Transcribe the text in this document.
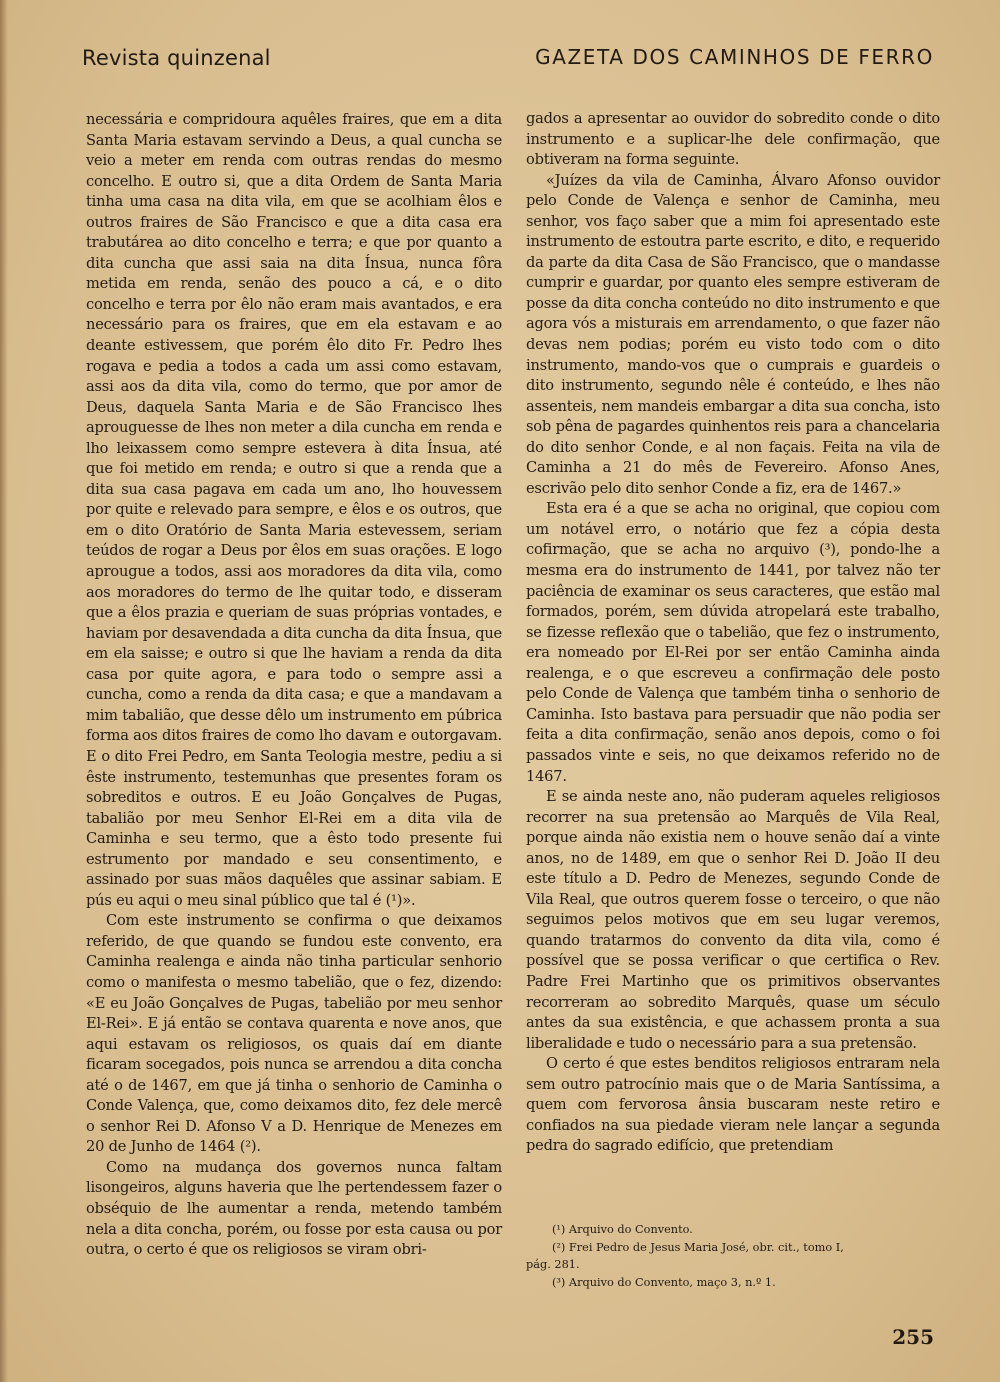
Revista quinzenal	GAZETA DOS CAMINHOS DE FERRO

necessária e compridoura aquêles fraires, que em a dita Santa Maria estavam servindo a Deus, a qual cuncha se veio a meter em renda com outras rendas do mesmo concelho. E outro si, que a dita Ordem de Santa Maria tinha uma casa na dita vila, em que se acolhiam êlos e outros fraires de São Francisco e que a dita casa era trabutárea ao dito concelho e terra; e que por quanto a dita cuncha que assi saia na dita Ínsua, nunca fôra metida em renda, senão des pouco a cá, e o dito concelho e terra por êlo não eram mais avantados, e era necessário para os fraires, que em ela estavam e ao deante estivessem, que porém êlo dito Fr. Pedro lhes rogava e pedia a todos a cada um assi como estavam, assi aos da dita vila, como do termo, que por amor de Deus, daquela Santa Maria e de São Francisco lhes aprouguesse de lhes non meter a dila cuncha em renda e lho leixassem como sempre estevera à dita Ínsua, até que foi metido em renda; e outro si que a renda que a dita sua casa pagava em cada um ano, lho houvessem por quite e relevado para sempre, e êlos e os outros, que em o dito Oratório de Santa Maria estevessem, seriam teúdos de rogar a Deus por êlos em suas orações. E logo aprougue a todos, assi aos moradores da dita vila, como aos moradores do termo de lhe quitar todo, e disseram que a êlos prazia e queriam de suas próprias vontades, e haviam por desavendada a dita cuncha da dita Ínsua, que em ela saisse; e outro si que lhe haviam a renda da dita casa por quite agora, e para todo o sempre assi a cuncha, como a renda da dita casa; e que a mandavam a mim tabalião, que desse dêlo um instrumento em púbrica forma aos ditos fraires de como lho davam e outorgavam. E o dito Frei Pedro, em Santa Teologia mestre, pediu a si êste instrumento, testemunhas que presentes foram os sobreditos e outros. E eu João Gonçalves de Pugas, tabalião por meu Senhor El-Rei em a dita vila de Caminha e seu termo, que a êsto todo presente fui estrumento por mandado e seu consentimento, e assinado por suas mãos daquêles que assinar sabiam. E pús eu aqui o meu sinal público que tal é (¹)».

Com este instrumento se confirma o que deixamos referido, de que quando se fundou este convento, era Caminha realenga e ainda não tinha particular senhorio como o manifesta o mesmo tabelião, que o fez, dizendo: «E eu João Gonçalves de Pugas, tabelião por meu senhor El-Rei». E já então se contava quarenta e nove anos, que aqui estavam os religiosos, os quais daí em diante ficaram socegados, pois nunca se arrendou a dita concha até o de 1467, em que já tinha o senhorio de Caminha o Conde Valença, que, como deixamos dito, fez dele mercê o senhor Rei D. Afonso V a D. Henrique de Menezes em 20 de Junho de 1464 (²).

Como na mudança dos governos nunca faltam lisongeiros, alguns haveria que lhe pertendessem fazer o obséquio de lhe aumentar a renda, metendo também nela a dita concha, porém, ou fosse por esta causa ou por outra, o certo é que os religiosos se viram obri-

gados a apresentar ao ouvidor do sobredito conde o dito instrumento e a suplicar-lhe dele confirmação, que obtiveram na forma seguinte.

«Juízes da vila de Caminha, Álvaro Afonso ouvidor pelo Conde de Valença e senhor de Caminha, meu senhor, vos faço saber que a mim foi apresentado este instrumento de estoutra parte escrito, e dito, e requerido da parte da dita Casa de São Francisco, que o mandasse cumprir e guardar, por quanto eles sempre estiveram de posse da dita concha conteúdo no dito instrumento e que agora vós a misturais em arrendamento, o que fazer não devas nem podias; porém eu visto todo com o dito instrumento, mando-vos que o cumprais e guardeis o dito instrumento, segundo nêle é conteúdo, e lhes não assenteis, nem mandeis embargar a dita sua concha, isto sob pêna de pagardes quinhentos reis para a chancelaria do dito senhor Conde, e al non façais. Feita na vila de Caminha a 21 do mês de Fevereiro. Afonso Anes, escrivão pelo dito senhor Conde a fiz, era de 1467.»

Esta era é a que se acha no original, que copiou com um notável erro, o notário que fez a cópia desta cofirmação, que se acha no arquivo (³), pondo-lhe a mesma era do instrumento de 1441, por talvez não ter paciência de examinar os seus caracteres, que estão mal formados, porém, sem dúvida atropelará este trabalho, se fizesse reflexão que o tabelião, que fez o instrumento, era nomeado por El-Rei por ser então Caminha ainda realenga, e o que escreveu a confirmação dele posto pelo Conde de Valença que também tinha o senhorio de Caminha. Isto bastava para persuadir que não podia ser feita a dita confirmação, senão anos depois, como o foi passados vinte e seis, no que deixamos referido no de 1467.

E se ainda neste ano, não puderam aqueles religiosos recorrer na sua pretensão ao Marquês de Vila Real, porque ainda não existia nem o houve senão daí a vinte anos, no de 1489, em que o senhor Rei D. João II deu este título a D. Pedro de Menezes, segundo Conde de Vila Real, que outros querem fosse o terceiro, o que não seguimos pelos motivos que em seu lugar veremos, quando tratarmos do convento da dita vila, como é possível que se possa verificar o que certifica o Rev. Padre Frei Martinho que os primitivos observantes recorreram ao sobredito Marquês, quase um século antes da sua existência, e que achassem pronta a sua liberalidade e tudo o necessário para a sua pretensão.

O certo é que estes benditos religiosos entraram nela sem outro patrocínio mais que o de Maria Santíssima, a quem com fervorosa ânsia buscaram neste retiro e confiados na sua piedade vieram nele lançar a segunda pedra do sagrado edifício, que pretendiam

(¹) Arquivo do Convento.

(²) Frei Pedro de Jesus Maria José, obr. cit., tomo I,

pág. 281.

(³) Arquivo do Convento, maço 3, n.º 1.

255
